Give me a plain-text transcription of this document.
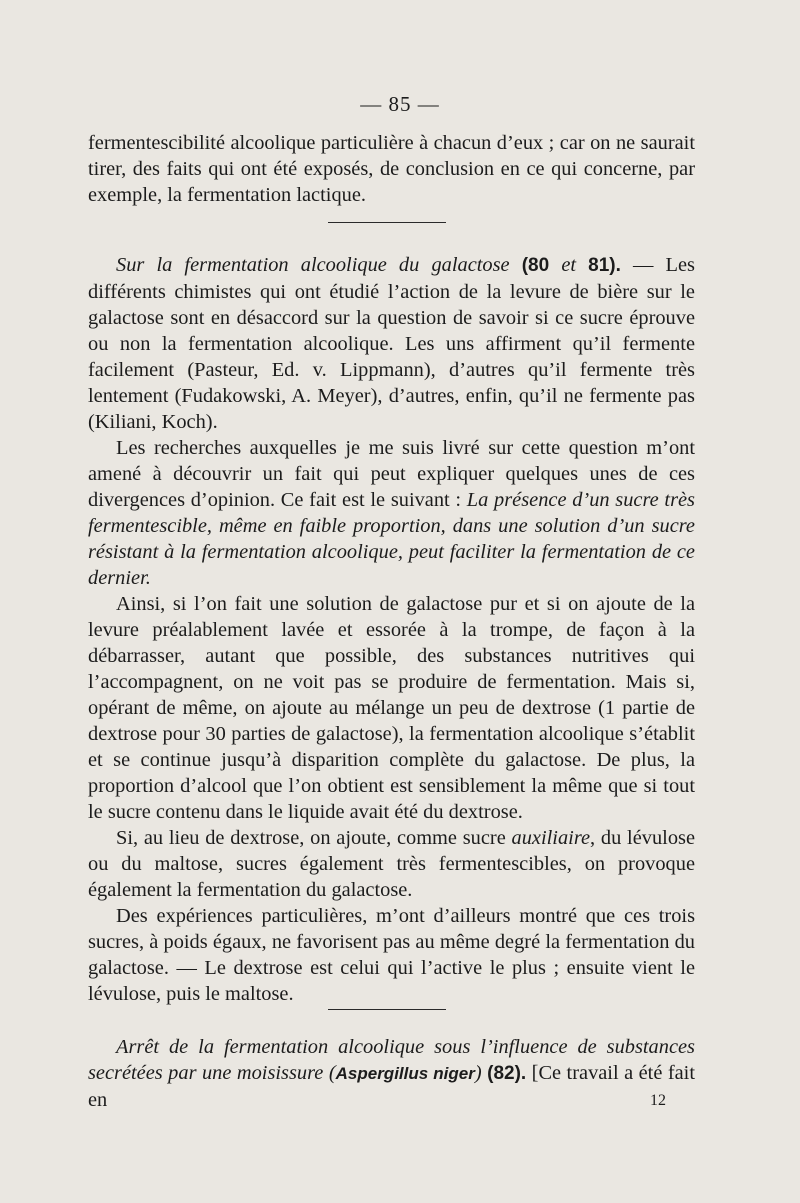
— 85 —

fermentescibilité alcoolique particulière à chacun d’eux ; car on ne saurait tirer, des faits qui ont été exposés, de conclusion en ce qui concerne, par exemple, la fermentation lactique.

Sur la fermentation alcoolique du galactose (80 et 81). — Les différents chimistes qui ont étudié l’action de la levure de bière sur le galactose sont en désaccord sur la question de savoir si ce sucre éprouve ou non la fermentation alcoolique. Les uns affirment qu’il fermente facilement (Pasteur, Ed. v. Lippmann), d’autres qu’il fermente très lentement (Fudakowski, A. Meyer), d’autres, enfin, qu’il ne fermente pas (Kiliani, Koch).

Les recherches auxquelles je me suis livré sur cette question m’ont amené à découvrir un fait qui peut expliquer quelques unes de ces divergences d’opinion. Ce fait est le suivant : La présence d’un sucre très fermentescible, même en faible proportion, dans une solution d’un sucre résistant à la fermentation alcoolique, peut faciliter la fermentation de ce dernier.

Ainsi, si l’on fait une solution de galactose pur et si on ajoute de la levure préalablement lavée et essorée à la trompe, de façon à la débarrasser, autant que possible, des substances nutritives qui l’accompagnent, on ne voit pas se produire de fermentation. Mais si, opérant de même, on ajoute au mélange un peu de dextrose (1 partie de dextrose pour 30 parties de galactose), la fermentation alcoolique s’établit et se continue jusqu’à disparition complète du galactose. De plus, la proportion d’alcool que l’on obtient est sensiblement la même que si tout le sucre contenu dans le liquide avait été du dextrose.

Si, au lieu de dextrose, on ajoute, comme sucre auxiliaire, du lévulose ou du maltose, sucres également très fermentescibles, on provoque également la fermentation du galactose.

Des expériences particulières, m’ont d’ailleurs montré que ces trois sucres, à poids égaux, ne favorisent pas au même degré la fermentation du galactose. — Le dextrose est celui qui l’active le plus ; ensuite vient le lévulose, puis le maltose.

Arrêt de la fermentation alcoolique sous l’influence de substances secrétées par une moisissure (Aspergillus niger) (82). [Ce travail a été fait en	12
